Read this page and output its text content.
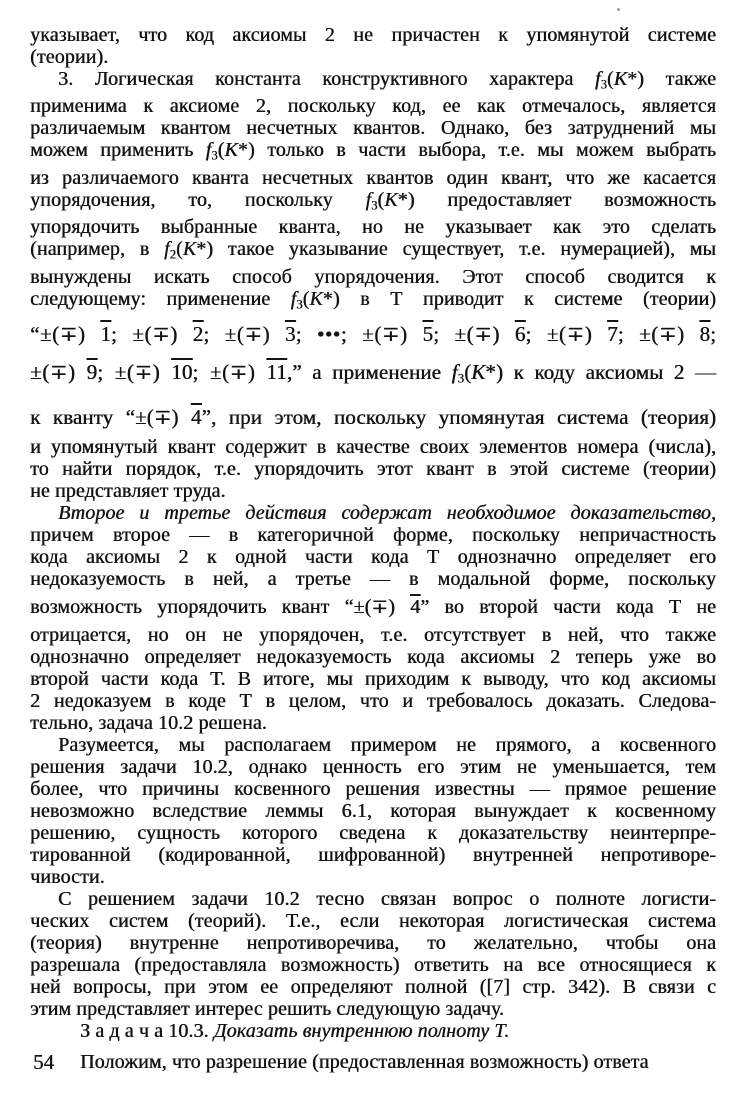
указывает, что код аксиомы 2 не причастен к упомянутой системе
(теории).
3. Логическая константа конструктивного характера $f_3(K*)$ также
применима к аксиоме 2, поскольку код, ее как отмечалось, является
различаемым квантом несчетных квантов. Однако, без затруднений мы
можем применить $f_3(K*)$ только в части выбора, т.е. мы можем выбрать
из различаемого кванта несчетных квантов один квант, что же касается
упорядочения, то, поскольку $f_3(K*)$ предоставляет возможность
упорядочить выбранные кванта, но не указывает как это сделать
(например, в $f_2(K*)$ такое указывание существует, т.е. нумерацией), мы
вынуждены искать способ упорядочения. Этот способ сводится к
следующему: применение $f_3(K*)$ в Т приводит к системе (теории)
“±(∓) 1; ±(∓) 2; ±(∓) 3; •••; ±(∓) 5; ±(∓) 6; ±(∓) 7; ±(∓) 8;
±(∓) 9; ±(∓) 10; ±(∓) 11,” а применение $f_3(K*)$ к коду аксиомы 2 —
к кванту “±(∓) 4”, при этом, поскольку упомянутая система (теория)
и упомянутый квант содержит в качестве своих элементов номера (числа),
то найти порядок, т.е. упорядочить этот квант в этой системе (теории)
не представляет труда.
Второе и третье действия содержат необходимое доказательство,
причем второе — в категоричной форме, поскольку непричастность
кода аксиомы 2 к одной части кода Т однозначно определяет его
недоказуемость в ней, а третье — в модальной форме, поскольку
возможность упорядочить квант “±(∓) 4” во второй части кода Т не
отрицается, но он не упорядочен, т.е. отсутствует в ней, что также
однозначно определяет недоказуемость кода аксиомы 2 теперь уже во
второй части кода Т. В итоге, мы приходим к выводу, что код аксиомы
2 недоказуем в коде Т в целом, что и требовалось доказать. Следова-
тельно, задача 10.2 решена.
Разумеется, мы располагаем примером не прямого, а косвенного
решения задачи 10.2, однако ценность его этим не уменьшается, тем
более, что причины косвенного решения известны — прямое решение
невозможно вследствие леммы 6.1, которая вынуждает к косвенному
решению, сущность которого сведена к доказательству неинтерпре-
тированной (кодированной, шифрованной) внутренней непротиворе-
чивости.
С решением задачи 10.2 тесно связан вопрос о полноте логисти-
ческих систем (теорий). Т.е., если некоторая логистическая система
(теория) внутренне непротиворечива, то желательно, чтобы она
разрешала (предоставляла возможность) ответить на все относящиеся к
ней вопросы, при этом ее определяют полной ([7] стр. 342). В связи с
этим представляет интерес решить следующую задачу.
З а д а ч а 10.3. Доказать внутреннюю полноту Т.
Положим, что разрешение (предоставленная возможность) ответа
54
